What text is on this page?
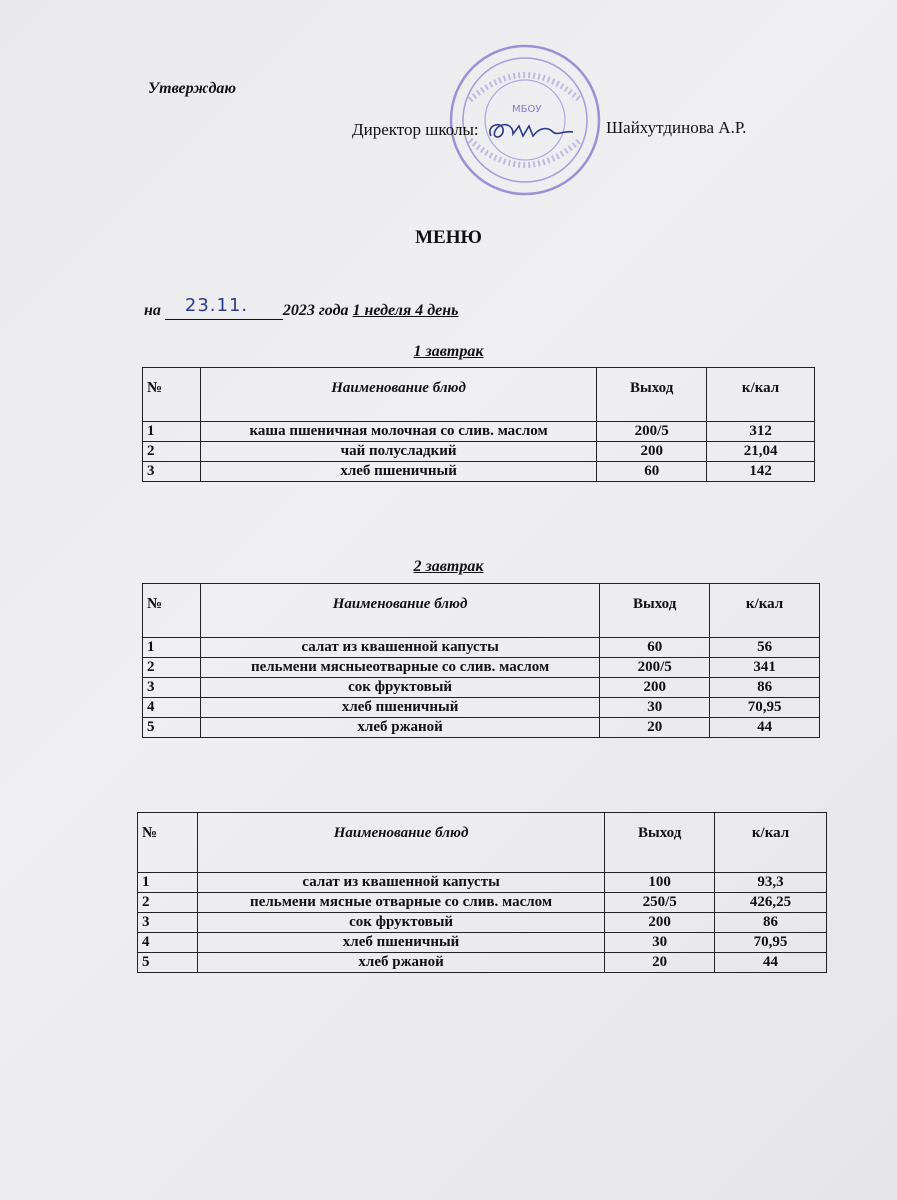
Утверждаю
МБОУ
Директор школы:	Шайхутдинова А.Р.
МЕНЮ
на 23.11. 2023 года 1 неделя 4 день
1 завтрак
№	Наименование блюд	Выход	к/кал
1	каша пшеничная молочная со слив. маслом	200/5	312
2	чай полусладкий	200	21,04
3	хлеб пшеничный	60	142
2 завтрак
№	Наименование блюд	Выход	к/кал
1	салат из квашенной капусты	60	56
2	пельмени мясныеотварные со слив. маслом	200/5	341
3	сок фруктовый	200	86
4	хлеб пшеничный	30	70,95
5	хлеб ржаной	20	44
№	Наименование блюд	Выход	к/кал
1	салат из квашенной капусты	100	93,3
2	пельмени мясные отварные со слив. маслом	250/5	426,25
3	сок фруктовый	200	86
4	хлеб пшеничный	30	70,95
5	хлеб ржаной	20	44
